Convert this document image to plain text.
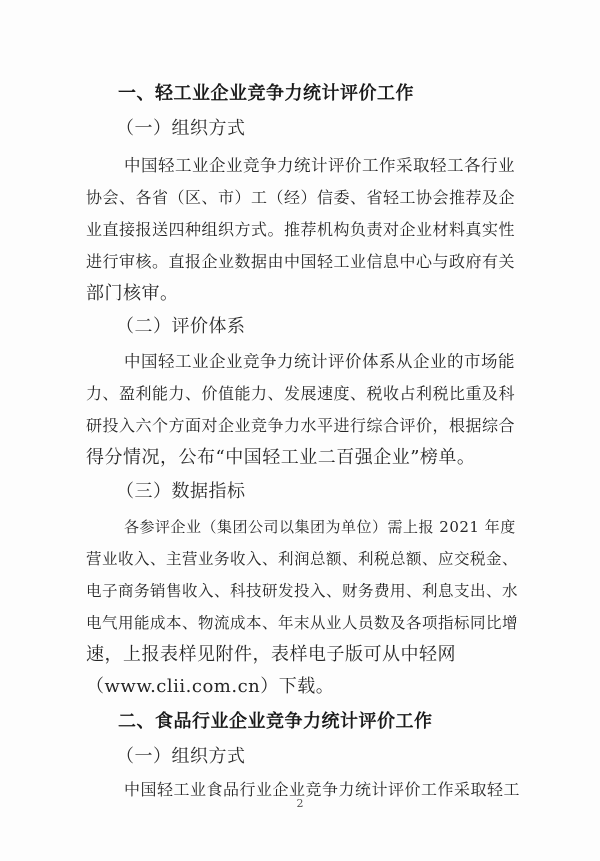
一、轻工业企业竞争力统计评价工作
（一）组织方式
中国轻工业企业竞争力统计评价工作采取轻工各行业
协会、各省（区、市）工（经）信委、省轻工协会推荐及企
业直接报送四种组织方式。推荐机构负责对企业材料真实性
进行审核。直报企业数据由中国轻工业信息中心与政府有关
部门核审。
（二）评价体系
中国轻工业企业竞争力统计评价体系从企业的市场能
力、盈利能力、价值能力、发展速度、税收占利税比重及科
研投入六个方面对企业竞争力水平进行综合评价，根据综合
得分情况，公布“中国轻工业二百强企业”榜单。
（三）数据指标
各参评企业（集团公司以集团为单位）需上报 2021 年度
营业收入、主营业务收入、利润总额、利税总额、应交税金、
电子商务销售收入、科技研发投入、财务费用、利息支出、水
电气用能成本、物流成本、年末从业人员数及各项指标同比增
速，上报表样见附件，表样电子版可从中轻网
（www.clii.com.cn）下载。
二、食品行业企业竞争力统计评价工作
（一）组织方式
中国轻工业食品行业企业竞争力统计评价工作采取轻工
2
